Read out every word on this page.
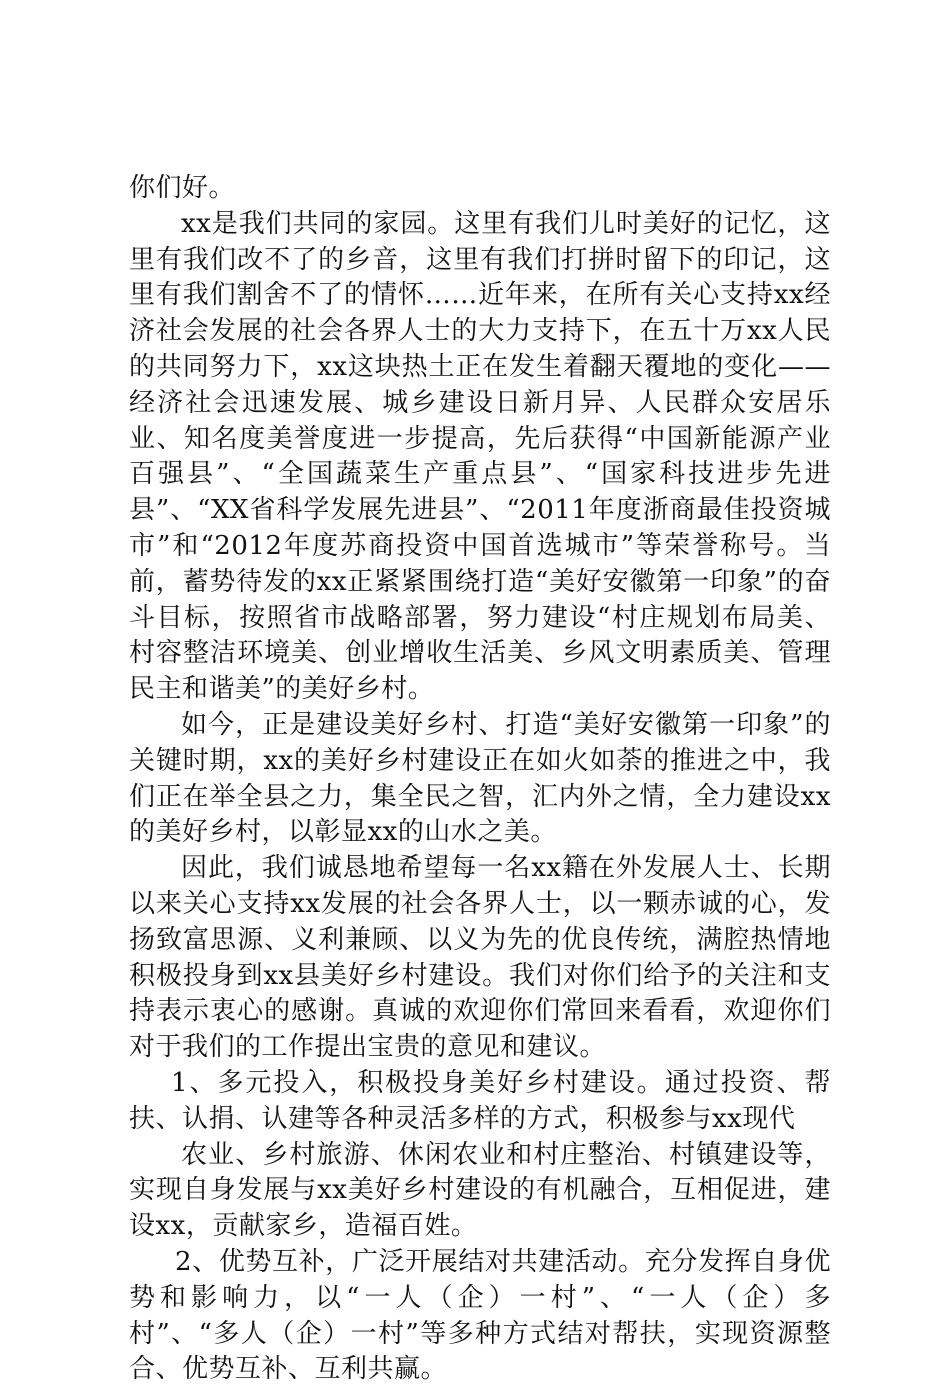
你们好。

xx是我们共同的家园。这里有我们儿时美好的记忆，这里有我们改不了的乡音，这里有我们打拼时留下的印记，这里有我们割舍不了的情怀……近年来，在所有关心支持xx经济社会发展的社会各界人士的大力支持下，在五十万xx人民的共同努力下，xx这块热土正在发生着翻天覆地的变化——经济社会迅速发展、城乡建设日新月异、人民群众安居乐业、知名度美誉度进一步提高，先后获得“中国新能源产业百强县”、“全国蔬菜生产重点县”、“国家科技进步先进县”、“XX省科学发展先进县”、“2011年度浙商最佳投资城市”和“2012年度苏商投资中国首选城市”等荣誉称号。当前，蓄势待发的xx正紧紧围绕打造“美好安徽第一印象”的奋斗目标，按照省市战略部署，努力建设“村庄规划布局美、村容整洁环境美、创业增收生活美、乡风文明素质美、管理民主和谐美”的美好乡村。

如今，正是建设美好乡村、打造“美好安徽第一印象”的关键时期，xx的美好乡村建设正在如火如荼的推进之中，我们正在举全县之力，集全民之智，汇内外之情，全力建设xx的美好乡村，以彰显xx的山水之美。

因此，我们诚恳地希望每一名xx籍在外发展人士、长期以来关心支持xx发展的社会各界人士，以一颗赤诚的心，发扬致富思源、义利兼顾、以义为先的优良传统，满腔热情地积极投身到xx县美好乡村建设。我们对你们给予的关注和支持表示衷心的感谢。真诚的欢迎你们常回来看看，欢迎你们对于我们的工作提出宝贵的意见和建议。

1、多元投入，积极投身美好乡村建设。通过投资、帮扶、认捐、认建等各种灵活多样的方式，积极参与xx现代

农业、乡村旅游、休闲农业和村庄整治、村镇建设等，实现自身发展与xx美好乡村建设的有机融合，互相促进，建设xx，贡献家乡，造福百姓。

2、优势互补，广泛开展结对共建活动。充分发挥自身优势和影响力，以“一人（企）一村”、“一人（企）多村”、“多人（企）一村”等多种方式结对帮扶，实现资源整合、优势互补、互利共赢。
